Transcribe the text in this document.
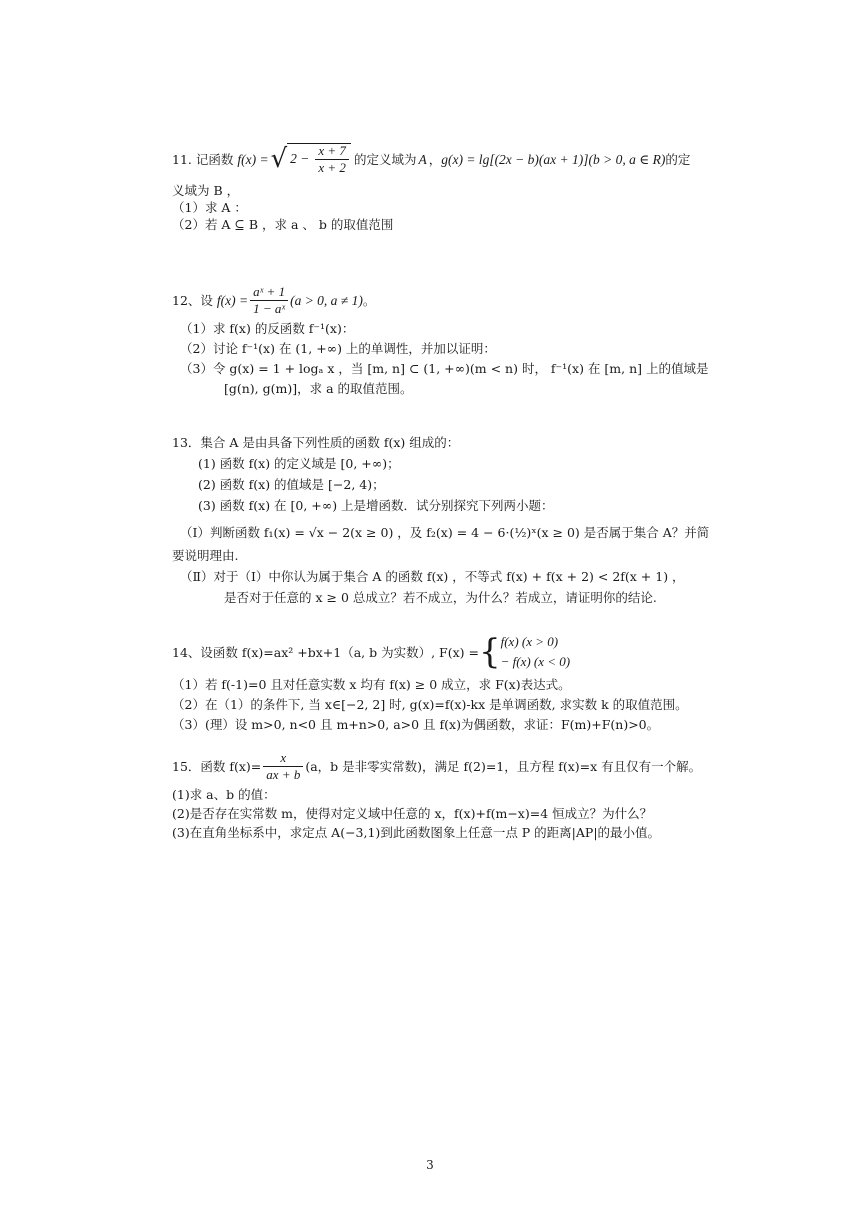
11. 记函数 f(x) = √ $2 - \frac{x + 7}{x + 2}$ 的定义域为 A ， g(x) = lg[(2x − b)(ax + 1)](b > 0, a ∈ R) 的定
义域为 B ，
（1）求 A ：
（2）若 A ⊆ B ，求 a 、 b 的取值范围
12、设 $f(x) = \frac{\text{aˣ + 1}}{\text{1 − aˣ}} (a > 0$, a ≠ 1) 。
（1）求 f(x) 的反函数 f⁻¹(x)：
（2）讨论 f⁻¹(x) 在 (1, +∞) 上的单调性，并加以证明：
（3）令 g(x) = 1 + logₐ x ，当 [m, n] ⊂ (1, +∞)(m < n) 时， f⁻¹(x) 在 [m, n] 上的值域是
[g(n), g(m)]，求 a 的取值范围。
13．集合 A 是由具备下列性质的函数 f(x) 组成的：
(1) 函数 f(x) 的定义域是 [0, +∞)；
(2) 函数 f(x) 的值域是 [−2, 4)；
(3) 函数 f(x) 在 [0, +∞) 上是增函数．试分别探究下列两小题：
（Ⅰ）判断函数 f₁(x) = √x − 2(x ≥ 0) ，及 f₂(x) = 4 − 6·(½)ˣ(x ≥ 0) 是否属于集合 A？并简
要说明理由.
（Ⅱ）对于（Ⅰ）中你认为属于集合 A 的函数 f(x) ，不等式 f(x) + f(x + 2) < 2f(x + 1) ，
是否对于任意的 x ≥ 0 总成立？若不成立，为什么？若成立，请证明你的结论.
14、设函数 f(x)=ax² +bx+1（a, b 为实数）, F(x) = { f(x) (x > 0)
− f(x) (x < 0)
（1）若 f(-1)=0 且对任意实数 x 均有 f(x) ≥ 0 成立，求 F(x)表达式。
（2）在（1）的条件下, 当 x∈[−2, 2] 时, g(x)=f(x)-kx 是单调函数, 求实数 k 的取值范围。
（3）(理）设 m>0, n<0 且 m+n>0, a>0 且 f(x)为偶函数，求证：F(m)+F(n)>0。
15．函数 $f(x)= \frac{x}{ax + b} (a$，b 是非零实常数)，满足 f(2)=1，且方程 f(x)=x 有且仅有一个解。
(1)求 a、b 的值：
(2)是否存在实常数 m，使得对定义域中任意的 x，f(x)+f(m−x)=4 恒成立？为什么？
(3)在直角坐标系中，求定点 A(−3,1)到此函数图象上任意一点 P 的距离|AP|的最小值。
3
